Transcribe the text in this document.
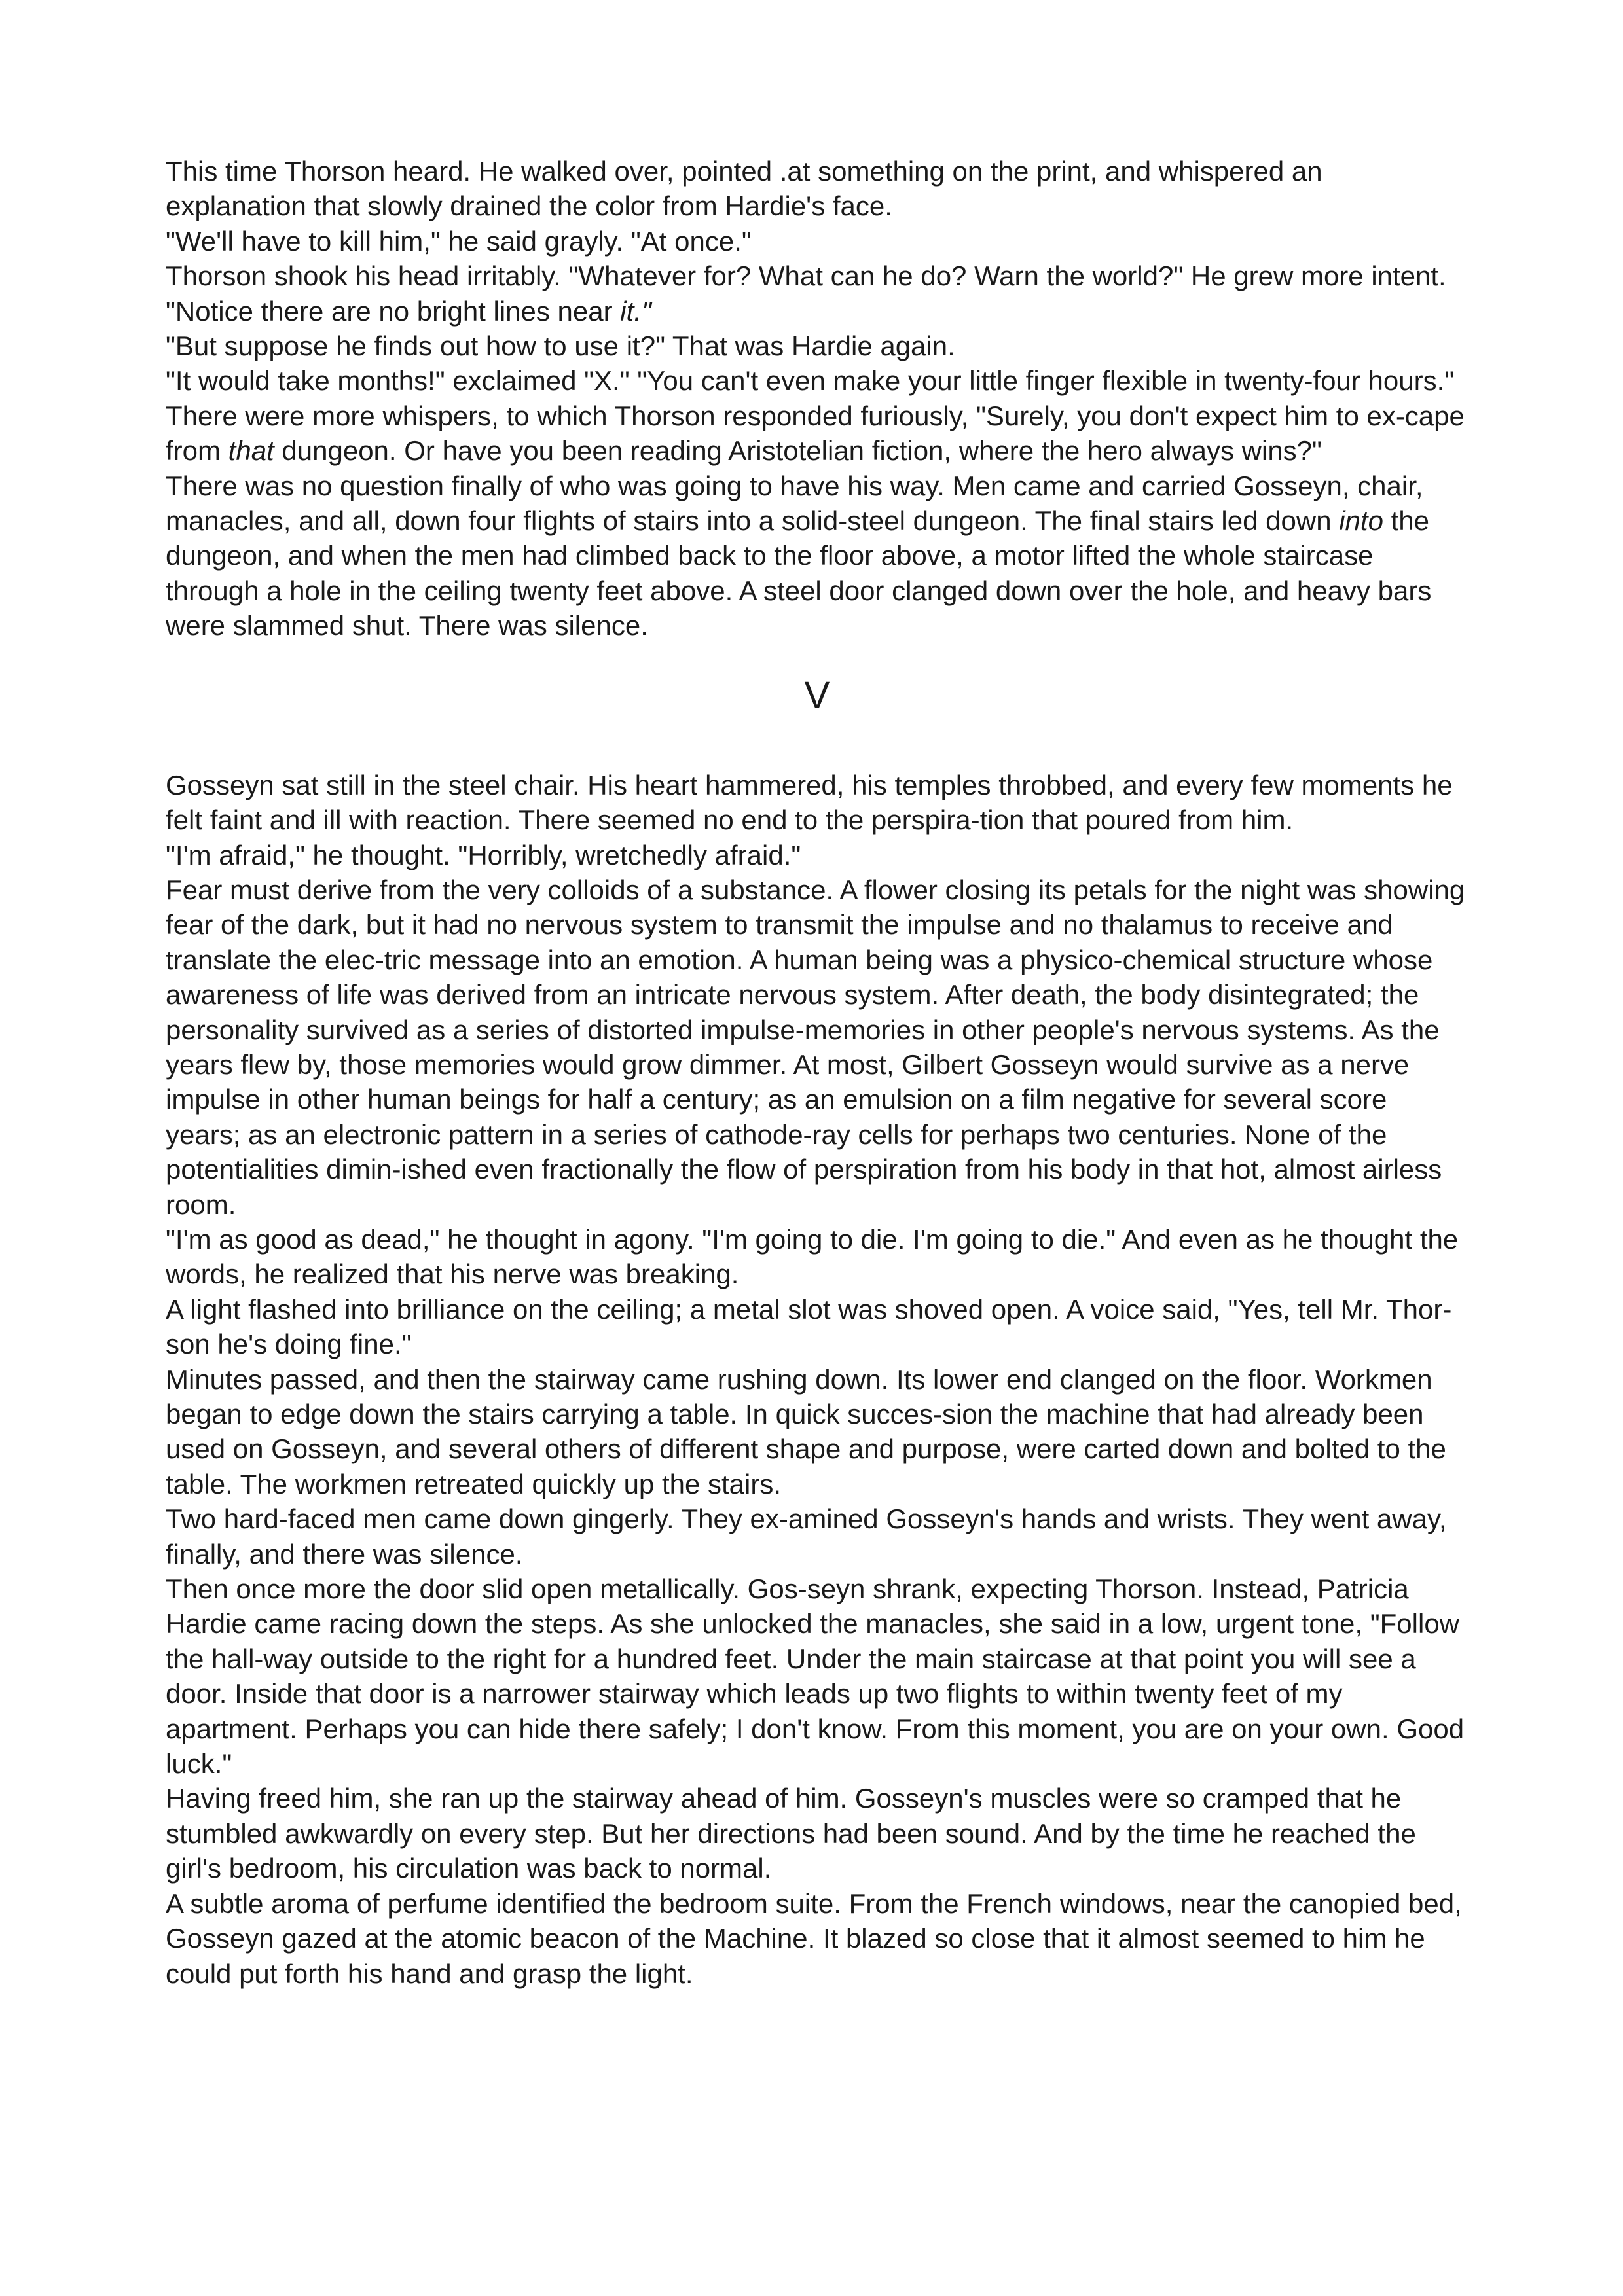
This time Thorson heard. He walked over, pointed .at something on the print, and whispered an explanation that slowly drained the color from Hardie's face.

"We'll have to kill him," he said grayly. "At once."

Thorson shook his head irritably. "Whatever for? What can he do? Warn the world?" He grew more intent. "Notice there are no bright lines near it."

"But suppose he finds out how to use it?" That was Hardie again.

"It would take months!" exclaimed "X." "You can't even make your little finger flexible in twenty-four hours."

There were more whispers, to which Thorson responded furiously, "Surely, you don't expect him to ex-cape from that dungeon. Or have you been reading Aristotelian fiction, where the hero always wins?"

There was no question finally of who was going to have his way. Men came and carried Gosseyn, chair, manacles, and all, down four flights of stairs into a solid-steel dungeon. The final stairs led down into the dungeon, and when the men had climbed back to the floor above, a motor lifted the whole staircase through a hole in the ceiling twenty feet above. A steel door clanged down over the hole, and heavy bars were slammed shut. There was silence.

V

Gosseyn sat still in the steel chair. His heart hammered, his temples throbbed, and every few moments he felt faint and ill with reaction. There seemed no end to the perspira-tion that poured from him.

"I'm afraid," he thought. "Horribly, wretchedly afraid."

Fear must derive from the very colloids of a substance. A flower closing its petals for the night was showing fear of the dark, but it had no nervous system to transmit the impulse and no thalamus to receive and translate the elec-tric message into an emotion. A human being was a physico-chemical structure whose awareness of life was derived from an intricate nervous system. After death, the body disintegrated; the personality survived as a series of distorted impulse-memories in other people's nervous systems. As the years flew by, those memories would grow dimmer. At most, Gilbert Gosseyn would survive as a nerve impulse in other human beings for half a century; as an emulsion on a film negative for several score years; as an electronic pattern in a series of cathode-ray cells for perhaps two centuries. None of the potentialities dimin-ished even fractionally the flow of perspiration from his body in that hot, almost airless room.

"I'm as good as dead," he thought in agony. "I'm going to die. I'm going to die." And even as he thought the words, he realized that his nerve was breaking.

A light flashed into brilliance on the ceiling; a metal slot was shoved open. A voice said, "Yes, tell Mr. Thor-son he's doing fine."

Minutes passed, and then the stairway came rushing down. Its lower end clanged on the floor. Workmen began to edge down the stairs carrying a table. In quick succes-sion the machine that had already been used on Gosseyn, and several others of different shape and purpose, were carted down and bolted to the table. The workmen retreated quickly up the stairs.

Two hard-faced men came down gingerly. They ex-amined Gosseyn's hands and wrists. They went away, finally, and there was silence.

Then once more the door slid open metallically. Gos-seyn shrank, expecting Thorson. Instead, Patricia Hardie came racing down the steps. As she unlocked the manacles, she said in a low, urgent tone, "Follow the hall-way outside to the right for a hundred feet. Under the main staircase at that point you will see a door. Inside that door is a narrower stairway which leads up two flights to within twenty feet of my apartment. Perhaps you can hide there safely; I don't know. From this moment, you are on your own. Good luck."

Having freed him, she ran up the stairway ahead of him. Gosseyn's muscles were so cramped that he stumbled awkwardly on every step. But her directions had been sound. And by the time he reached the girl's bedroom, his circulation was back to normal.

A subtle aroma of perfume identified the bedroom suite. From the French windows, near the canopied bed, Gosseyn gazed at the atomic beacon of the Machine. It blazed so close that it almost seemed to him he could put forth his hand and grasp the light.
